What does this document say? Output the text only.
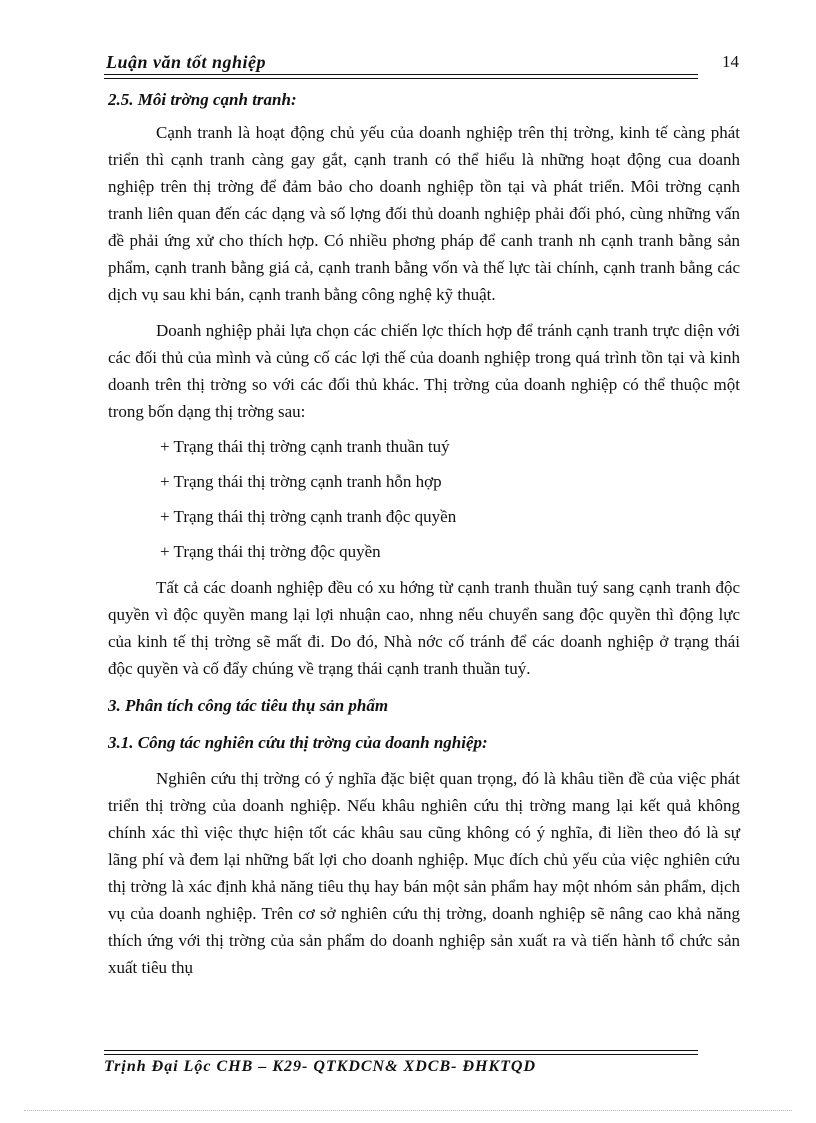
Luận văn tốt nghiệp	14

2.5. Môi trờng cạnh tranh:

Cạnh tranh là hoạt động chủ yếu của doanh nghiệp trên thị trờng, kinh tế càng phát triển thì cạnh tranh càng gay gắt, cạnh tranh có thể hiểu là những hoạt động cua doanh nghiệp trên thị trờng để đảm bảo cho doanh nghiệp tồn tại và phát triển. Môi trờng cạnh tranh liên quan đến các dạng và số lợng đối thủ doanh nghiệp phải đối phó, cùng những vấn đề phải ứng xử cho thích hợp. Có nhiều phơng pháp để canh tranh nh cạnh tranh bằng sản phẩm, cạnh tranh bằng giá cả, cạnh tranh bằng vốn và thế lực tài chính, cạnh tranh bằng các dịch vụ sau khi bán, cạnh tranh bằng công nghệ kỹ thuật.

Doanh nghiệp phải lựa chọn các chiến lợc thích hợp để tránh cạnh tranh trực diện với các đối thủ của mình và củng cố các lợi thế của doanh nghiệp trong quá trình tồn tại và kinh doanh trên thị trờng so với các đối thủ khác. Thị trờng của doanh nghiệp có thể thuộc một trong bốn dạng thị trờng sau:

+ Trạng thái thị trờng cạnh tranh thuần tuý

+ Trạng thái thị trờng cạnh tranh hỗn hợp

+ Trạng thái thị trờng cạnh tranh độc quyền

+ Trạng thái thị trờng độc quyền

Tất cả các doanh nghiệp đều có xu hớng từ cạnh tranh thuần tuý sang cạnh tranh độc quyền vì độc quyền mang lại lợi nhuận cao, nhng nếu chuyển sang độc quyền thì động lực của kinh tế thị trờng sẽ mất đi. Do đó, Nhà nớc cố tránh để các doanh nghiệp ở trạng thái độc quyền và cố đẩy chúng về trạng thái cạnh tranh thuần tuý.

3. Phân tích công tác tiêu thụ sản phẩm

3.1. Công tác nghiên cứu thị trờng của doanh nghiệp:

Nghiên cứu thị trờng có ý nghĩa đặc biệt quan trọng, đó là khâu tiền đề của việc phát triển thị trờng của doanh nghiệp. Nếu khâu nghiên cứu thị trờng mang lại kết quả không chính xác thì việc thực hiện tốt các khâu sau cũng không có ý nghĩa, đi liền theo đó là sự lãng phí và đem lại những bất lợi cho doanh nghiệp. Mục đích chủ yếu của việc nghiên cứu thị trờng là xác định khả năng tiêu thụ hay bán một sản phẩm hay một nhóm sản phẩm, dịch vụ của doanh nghiệp. Trên cơ sở nghiên cứu thị trờng, doanh nghiệp sẽ nâng cao khả năng thích ứng với thị trờng của sản phẩm do doanh nghiệp sản xuất ra và tiến hành tổ chức sản xuất tiêu thụ

Trịnh Đại Lộc CHB – K29- QTKDCN& XDCB- ĐHKTQD
